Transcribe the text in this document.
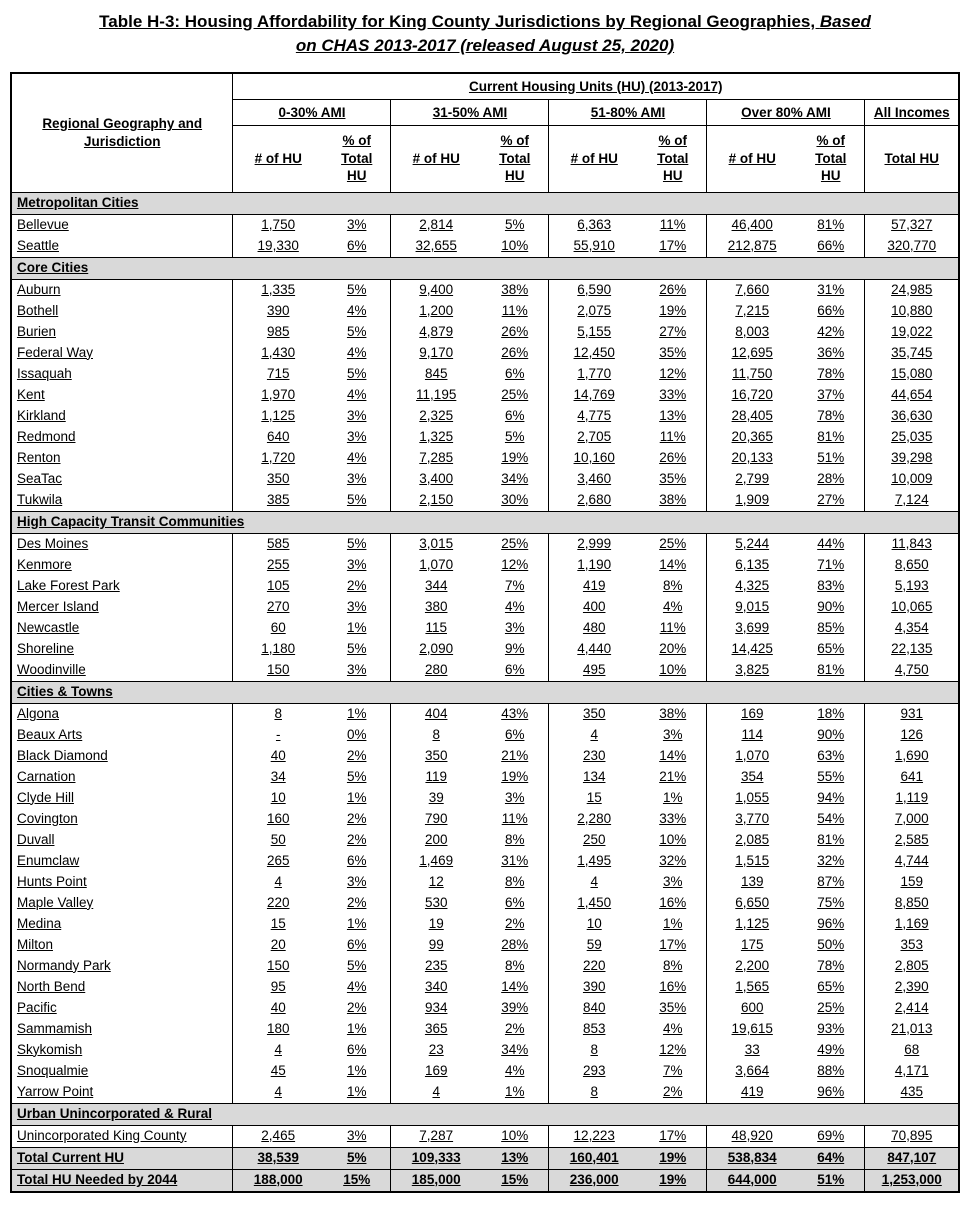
Table H-3: Housing Affordability for King County Jurisdictions by Regional Geographies, Based
on CHAS 2013-2017 (released August 25, 2020)
Regional Geography and Jurisdiction	Current Housing Units (HU) (2013-2017)								
	0-30% AMI		31-50% AMI		51-80% AMI		Over 80% AMI		All Incomes
	# of HU	% of Total HU	# of HU	% of Total HU	# of HU	% of Total HU	# of HU	% of Total HU	Total HU
Metropolitan Cities									
Bellevue	1,750	3%	2,814	5%	6,363	11%	46,400	81%	57,327
Seattle	19,330	6%	32,655	10%	55,910	17%	212,875	66%	320,770
Core Cities									
Auburn	1,335	5%	9,400	38%	6,590	26%	7,660	31%	24,985
Bothell	390	4%	1,200	11%	2,075	19%	7,215	66%	10,880
Burien	985	5%	4,879	26%	5,155	27%	8,003	42%	19,022
Federal Way	1,430	4%	9,170	26%	12,450	35%	12,695	36%	35,745
Issaquah	715	5%	845	6%	1,770	12%	11,750	78%	15,080
Kent	1,970	4%	11,195	25%	14,769	33%	16,720	37%	44,654
Kirkland	1,125	3%	2,325	6%	4,775	13%	28,405	78%	36,630
Redmond	640	3%	1,325	5%	2,705	11%	20,365	81%	25,035
Renton	1,720	4%	7,285	19%	10,160	26%	20,133	51%	39,298
SeaTac	350	3%	3,400	34%	3,460	35%	2,799	28%	10,009
Tukwila	385	5%	2,150	30%	2,680	38%	1,909	27%	7,124
High Capacity Transit Communities									
Des Moines	585	5%	3,015	25%	2,999	25%	5,244	44%	11,843
Kenmore	255	3%	1,070	12%	1,190	14%	6,135	71%	8,650
Lake Forest Park	105	2%	344	7%	419	8%	4,325	83%	5,193
Mercer Island	270	3%	380	4%	400	4%	9,015	90%	10,065
Newcastle	60	1%	115	3%	480	11%	3,699	85%	4,354
Shoreline	1,180	5%	2,090	9%	4,440	20%	14,425	65%	22,135
Woodinville	150	3%	280	6%	495	10%	3,825	81%	4,750
Cities & Towns									
Algona	8	1%	404	43%	350	38%	169	18%	931
Beaux Arts	-	0%	8	6%	4	3%	114	90%	126
Black Diamond	40	2%	350	21%	230	14%	1,070	63%	1,690
Carnation	34	5%	119	19%	134	21%	354	55%	641
Clyde Hill	10	1%	39	3%	15	1%	1,055	94%	1,119
Covington	160	2%	790	11%	2,280	33%	3,770	54%	7,000
Duvall	50	2%	200	8%	250	10%	2,085	81%	2,585
Enumclaw	265	6%	1,469	31%	1,495	32%	1,515	32%	4,744
Hunts Point	4	3%	12	8%	4	3%	139	87%	159
Maple Valley	220	2%	530	6%	1,450	16%	6,650	75%	8,850
Medina	15	1%	19	2%	10	1%	1,125	96%	1,169
Milton	20	6%	99	28%	59	17%	175	50%	353
Normandy Park	150	5%	235	8%	220	8%	2,200	78%	2,805
North Bend	95	4%	340	14%	390	16%	1,565	65%	2,390
Pacific	40	2%	934	39%	840	35%	600	25%	2,414
Sammamish	180	1%	365	2%	853	4%	19,615	93%	21,013
Skykomish	4	6%	23	34%	8	12%	33	49%	68
Snoqualmie	45	1%	169	4%	293	7%	3,664	88%	4,171
Yarrow Point	4	1%	4	1%	8	2%	419	96%	435
Urban Unincorporated & Rural									
Unincorporated King County	2,465	3%	7,287	10%	12,223	17%	48,920	69%	70,895
Total Current HU	38,539	5%	109,333	13%	160,401	19%	538,834	64%	847,107
Total HU Needed by 2044	188,000	15%	185,000	15%	236,000	19%	644,000	51%	1,253,000
